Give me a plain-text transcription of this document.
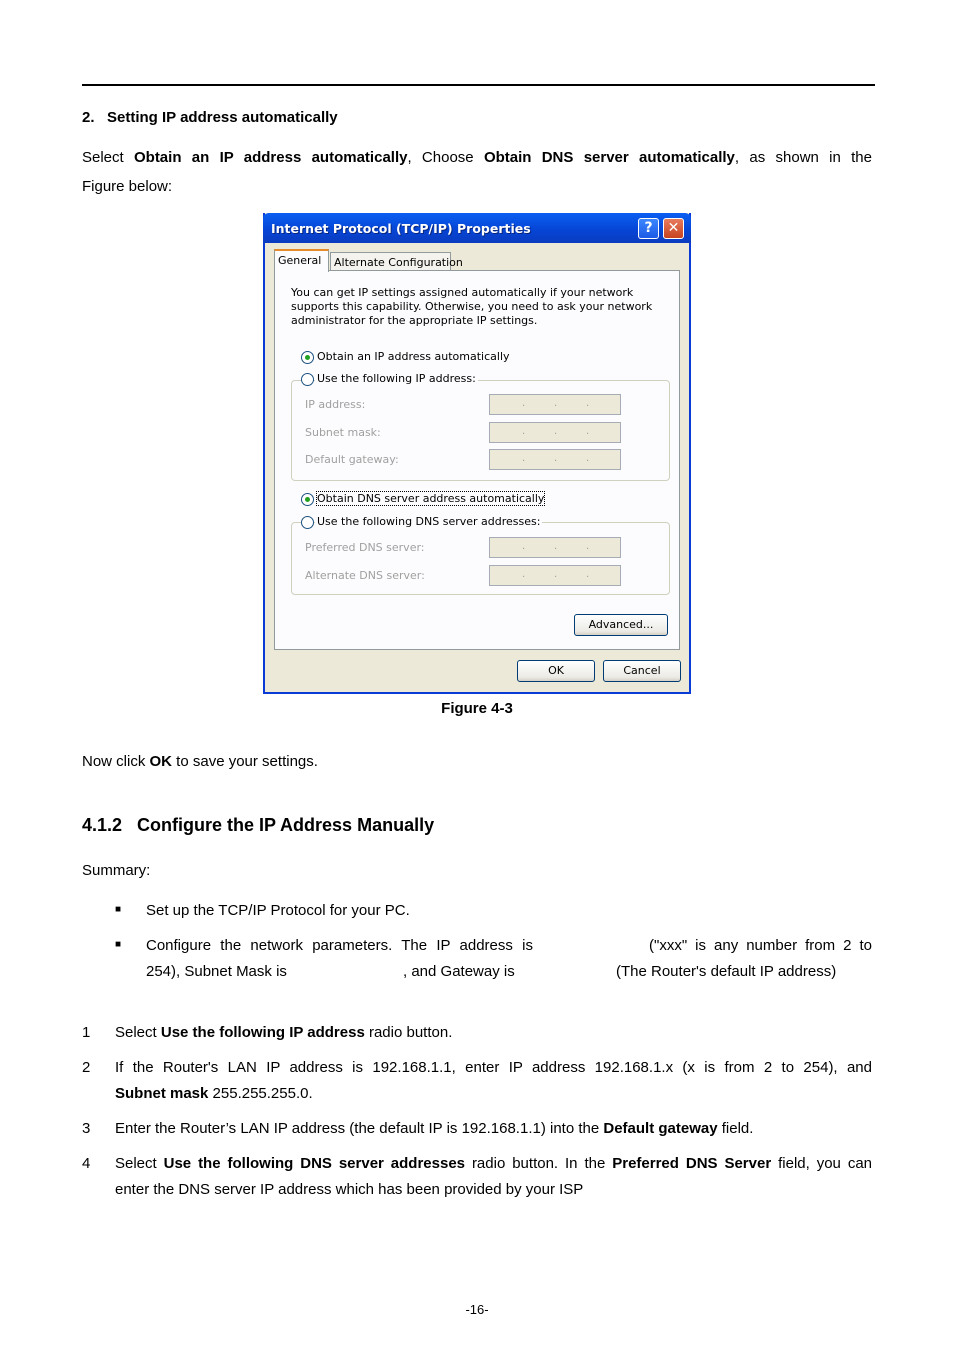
2.   Setting IP address automatically
Select Obtain an IP address automatically, Choose Obtain DNS server automatically, as shown in the
Figure below:
Internet Protocol (TCP/IP) Properties	?	✕
General	Alternate Configuration
You can get IP settings assigned automatically if your network supports this capability. Otherwise, you need to ask your network administrator for the appropriate IP settings.
Obtain an IP address automatically
Use the following IP address:
IP address:	.	.	.
Subnet mask:	.	.	.
Default gateway:	.	.	.
Obtain DNS server address automatically
Use the following DNS server addresses:
Preferred DNS server:	.	.	.
Alternate DNS server:	.	.	.
Advanced...
OK	Cancel
Figure 4-3
Now click OK to save your settings.
4.1.2   Configure the IP Address Manually
Summary:
■ Set up the TCP/IP Protocol for your PC.
■ Configure the network parameters. The IP address is	("xxx" is any number from 2 to
254), Subnet Mask is	, and Gateway is	(The Router's default IP address)
1 Select Use the following IP address radio button.
2 If the Router's LAN IP address is 192.168.1.1, enter IP address 192.168.1.x (x is from 2 to 254), and
Subnet mask 255.255.255.0.
3 Enter the Router’s LAN IP address (the default IP is 192.168.1.1) into the Default gateway field.
4 Select Use the following DNS server addresses radio button. In the Preferred DNS Server field, you can
enter the DNS server IP address which has been provided by your ISP
-16-
